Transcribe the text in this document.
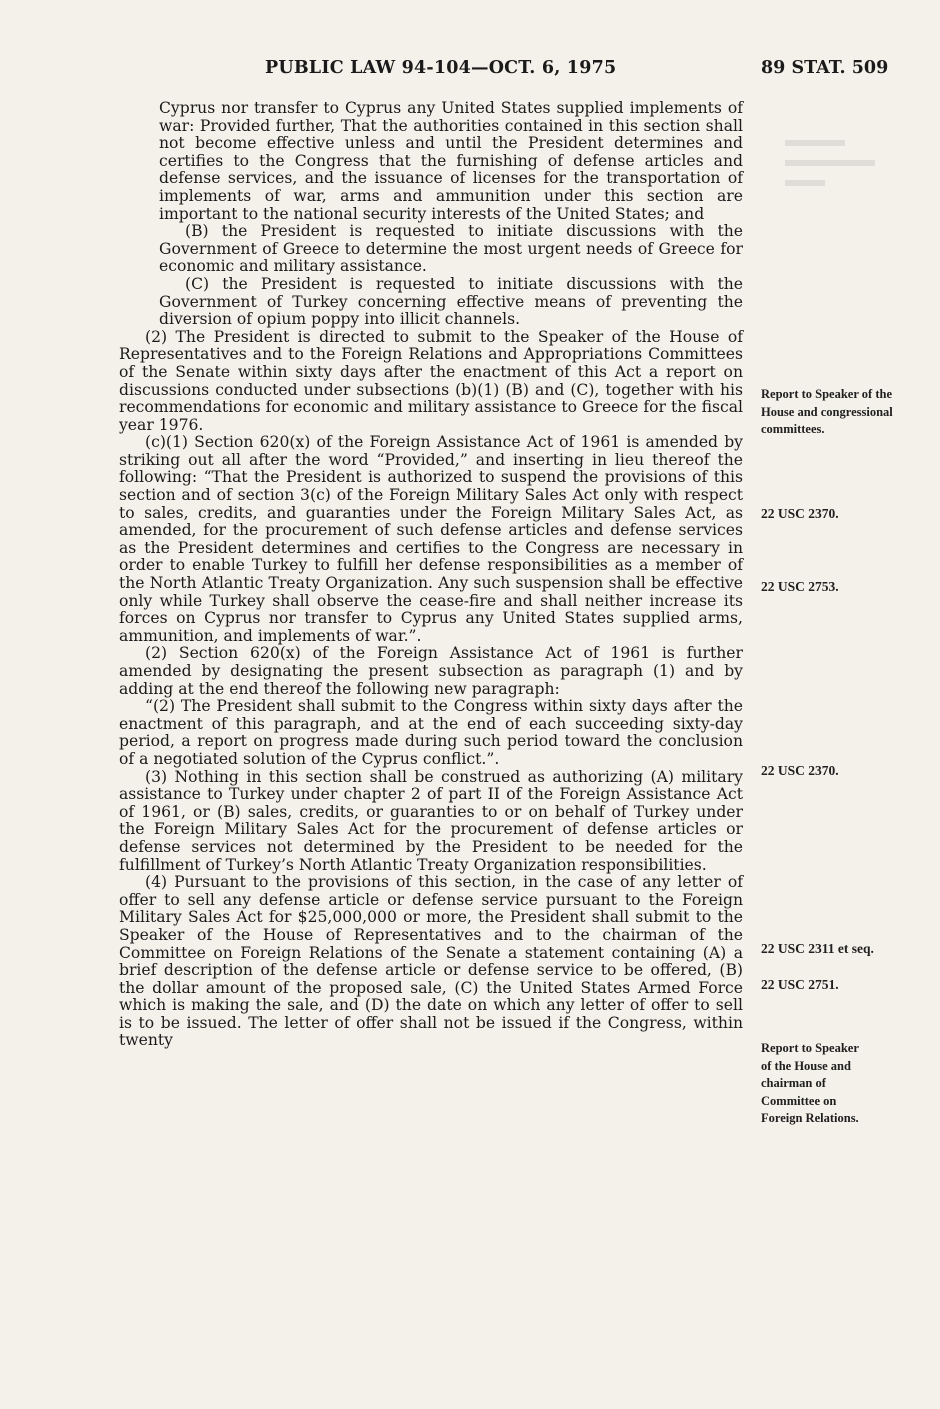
PUBLIC LAW 94-104—OCT. 6, 1975	89 STAT. 509

Cyprus nor transfer to Cyprus any United States supplied implements of war: Provided further, That the authorities contained in this section shall not become effective unless and until the President determines and certifies to the Congress that the furnishing of defense articles and defense services, and the issuance of licenses for the transportation of implements of war, arms and ammunition under this section are important to the national security interests of the United States; and

(B) the President is requested to initiate discussions with the Government of Greece to determine the most urgent needs of Greece for economic and military assistance.

(C) the President is requested to initiate discussions with the Government of Turkey concerning effective means of preventing the diversion of opium poppy into illicit channels.

(2) The President is directed to submit to the Speaker of the House of Representatives and to the Foreign Relations and Appropriations Committees of the Senate within sixty days after the enactment of this Act a report on discussions conducted under subsections (b)(1) (B) and (C), together with his recommendations for economic and military assistance to Greece for the fiscal year 1976.

(c)(1) Section 620(x) of the Foreign Assistance Act of 1961 is amended by striking out all after the word “Provided,” and inserting in lieu thereof the following: “That the President is authorized to suspend the provisions of this section and of section 3(c) of the Foreign Military Sales Act only with respect to sales, credits, and guaranties under the Foreign Military Sales Act, as amended, for the procurement of such defense articles and defense services as the President determines and certifies to the Congress are necessary in order to enable Turkey to fulfill her defense responsibilities as a member of the North Atlantic Treaty Organization. Any such suspension shall be effective only while Turkey shall observe the cease-fire and shall neither increase its forces on Cyprus nor transfer to Cyprus any United States supplied arms, ammunition, and implements of war.”.

(2) Section 620(x) of the Foreign Assistance Act of 1961 is further amended by designating the present subsection as paragraph (1) and by adding at the end thereof the following new paragraph:

“(2) The President shall submit to the Congress within sixty days after the enactment of this paragraph, and at the end of each succeeding sixty-day period, a report on progress made during such period toward the conclusion of a negotiated solution of the Cyprus conflict.”.

(3) Nothing in this section shall be construed as authorizing (A) military assistance to Turkey under chapter 2 of part II of the Foreign Assistance Act of 1961, or (B) sales, credits, or guaranties to or on behalf of Turkey under the Foreign Military Sales Act for the procurement of defense articles or defense services not determined by the President to be needed for the fulfillment of Turkey’s North Atlantic Treaty Organization responsibilities.

(4) Pursuant to the provisions of this section, in the case of any letter of offer to sell any defense article or defense service pursuant to the Foreign Military Sales Act for $25,000,000 or more, the President shall submit to the Speaker of the House of Representatives and to the chairman of the Committee on Foreign Relations of the Senate a statement containing (A) a brief description of the defense article or defense service to be offered, (B) the dollar amount of the proposed sale, (C) the United States Armed Force which is making the sale, and (D) the date on which any letter of offer to sell is to be issued. The letter of offer shall not be issued if the Congress, within twenty

Report to Speaker of the House and congressional committees.
22 USC 2370.
22 USC 2753.
22 USC 2370.
22 USC 2311 et seq.
22 USC 2751.
Report to Speaker of the House and chairman of Committee on Foreign Relations.
